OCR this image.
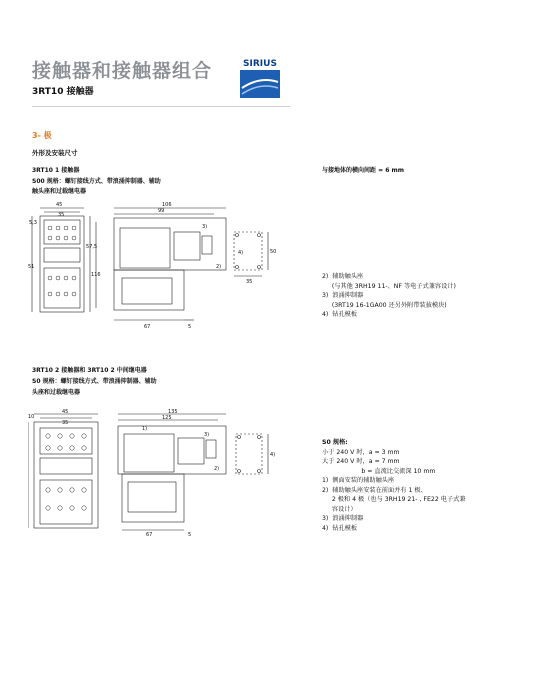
接触器和接触器组合
3RT10 接触器
SIRIUS
3- 极
外形及安装尺寸
3RT10 1 接触器
S00 规格：螺钉接线方式、带浪涌抑制器、辅助
触头座和过载继电器
与接地体的横向间距 = 6 mm
5,3
45
35
51
57,5
116
106
99
67	5
35
50
2)
3)
4)
2)  辅助触头座
(与其他 3RH19 11-、NF 等电子式兼容设计)
3)  浪涌抑制器
(3RT19 16-1GA00 还另外附带装拔模块)
4)  钻孔模板
3RT10 2 接触器和 3RT10 2 中间继电器
S0 规格：螺钉接线方式、带浪涌抑制器、辅助
头座和过载继电器
45
35
10
135
125
67	5
1)
2)
3)
4)
S0 规格:
小于 240 V 时，a = 3 mm
大于 240 V 时，a = 7 mm
b = 直流比交流深 10 mm
1)  侧面安装的辅助触头座
2)  辅助触头座安装在前面并有 1 极、
2 极和 4 极（也与 3RH19 21- , FE22 电子式兼
容设计）
3)  浪涌抑制器
4)  钻孔模板
